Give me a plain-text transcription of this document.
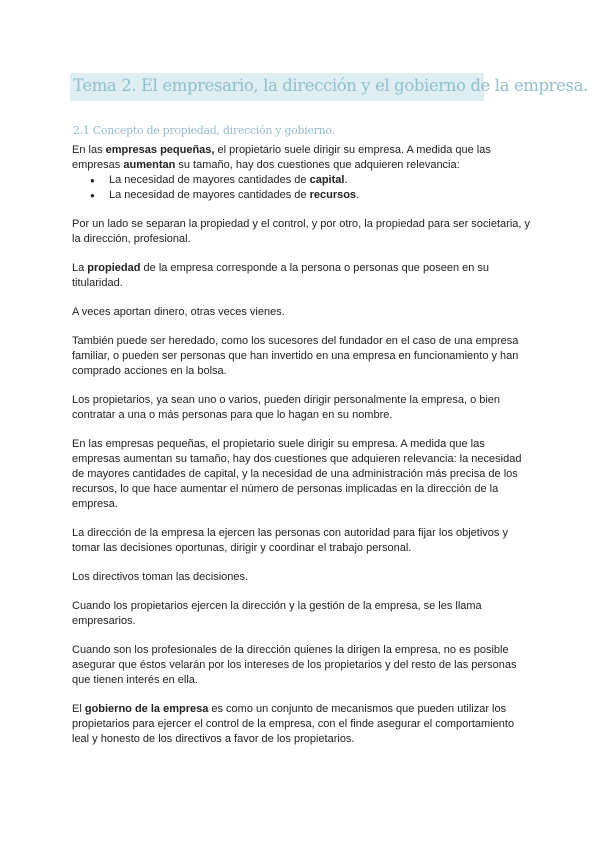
Tema 2. El empresario, la dirección y el gobierno de la empresa.
2.1 Concepto de propiedad, dirección y gobierno.

En las empresas pequeñas, el propietario suele dirigir su empresa. A medida que las empresas aumentan su tamaño, hay dos cuestiones que adquieren relevancia:

● La necesidad de mayores cantidades de capital.
● La necesidad de mayores cantidades de recursos.

Por un lado se separan la propiedad y el control, y por otro, la propiedad para ser societaria, y la dirección, profesional.

La propiedad de la empresa corresponde a la persona o personas que poseen en su titularidad.

A veces aportan dinero, otras veces vienes.

También puede ser heredado, como los sucesores del fundador en el caso de una empresa familiar, o pueden ser personas que han invertido en una empresa en funcionamiento y han comprado acciones en la bolsa.

Los propietarios, ya sean uno o varios, pueden dirigir personalmente la empresa, o bien contratar a una o más personas para que lo hagan en su nombre.

En las empresas pequeñas, el propietario suele dirigir su empresa. A medida que las empresas aumentan su tamaño, hay dos cuestiones que adquieren relevancia: la necesidad de mayores cantidades de capital, y la necesidad de una administración más precisa de los recursos, lo que hace aumentar el número de personas implicadas en la dirección de la empresa.

La dirección de la empresa la ejercen las personas con autoridad para fijar los objetivos y tomar las decisiones oportunas, dirigir y coordinar el trabajo personal.

Los directivos toman las decisiones.

Cuando los propietarios ejercen la dirección y la gestión de la empresa, se les llama empresarios.

Cuando son los profesionales de la dirección quienes la dirigen la empresa, no es posible asegurar que éstos velarán por los intereses de los propietarios y del resto de las personas que tienen interés en ella.

El gobierno de la empresa es como un conjunto de mecanismos que pueden utilizar los propietarios para ejercer el control de la empresa, con el finde asegurar el comportamiento leal y honesto de los directivos a favor de los propietarios.
